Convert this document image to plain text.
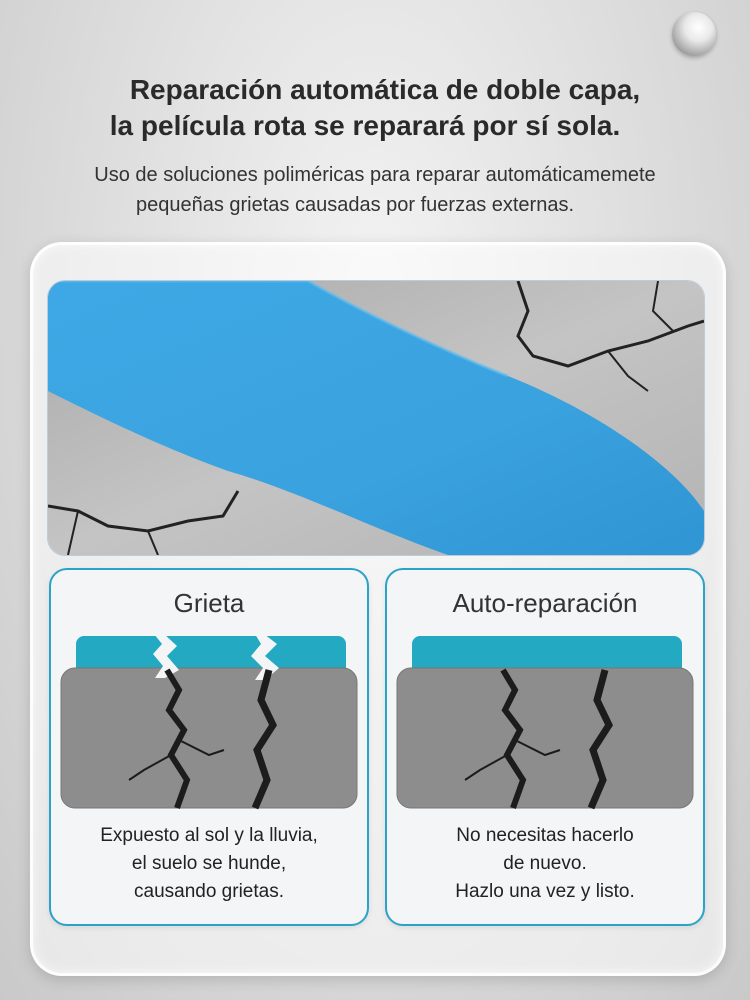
Reparación automática de doble capa,
la película rota se reparará por sí sola.
Uso de soluciones poliméricas para reparar automáticamemete
pequeñas grietas causadas por fuerzas externas.
Grieta
Expuesto al sol y la lluvia,
el suelo se hunde,
causando grietas.
Auto-reparación
No necesitas hacerlo
de nuevo.
Hazlo una vez y listo.
